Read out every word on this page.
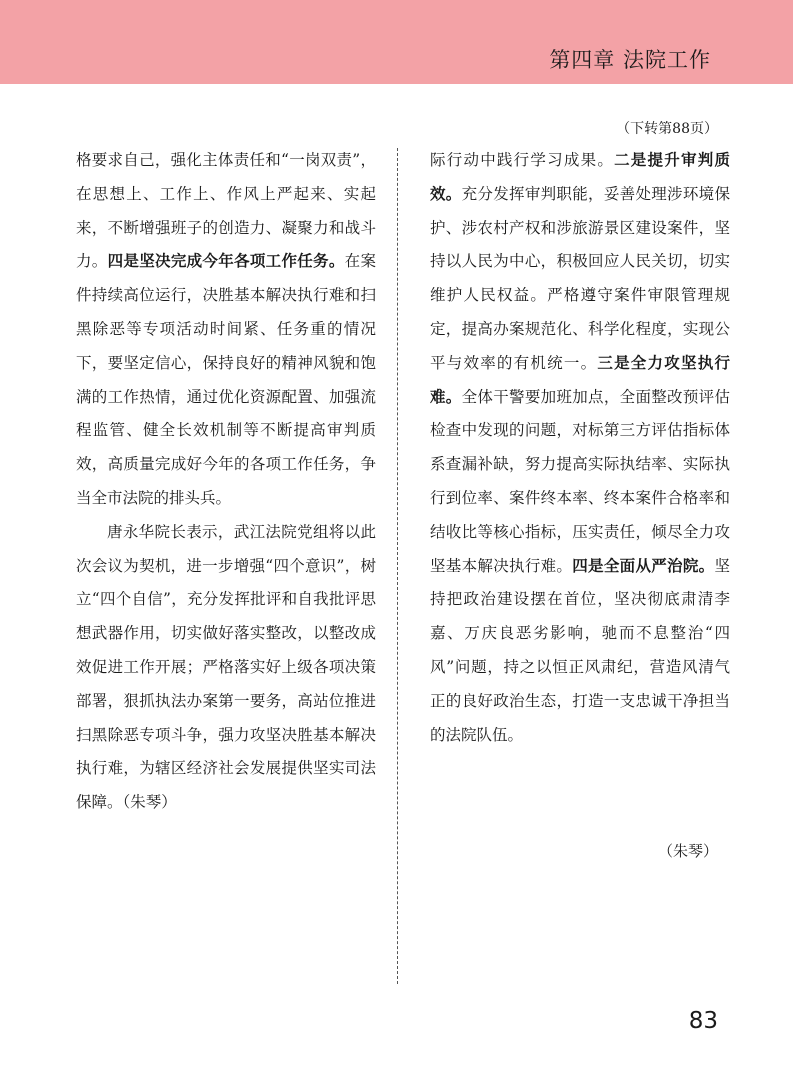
第四章 法院工作
（下转第88页）

格要求自己，强化主体责任和“一岗双责”，在思想上、工作上、作风上严起来、实起来，不断增强班子的创造力、凝聚力和战斗力。四是坚决完成今年各项工作任务。在案件持续高位运行，决胜基本解决执行难和扫黑除恶等专项活动时间紧、任务重的情况下，要坚定信心，保持良好的精神风貌和饱满的工作热情，通过优化资源配置、加强流程监管、健全长效机制等不断提高审判质效，高质量完成好今年的各项工作任务，争当全市法院的排头兵。

唐永华院长表示，武江法院党组将以此次会议为契机，进一步增强“四个意识”，树立“四个自信”，充分发挥批评和自我批评思想武器作用，切实做好落实整改，以整改成效促进工作开展；严格落实好上级各项决策部署，狠抓执法办案第一要务，高站位推进扫黑除恶专项斗争，强力攻坚决胜基本解决执行难，为辖区经济社会发展提供坚实司法保障。（朱琴）

际行动中践行学习成果。二是提升审判质效。充分发挥审判职能，妥善处理涉环境保护、涉农村产权和涉旅游景区建设案件，坚持以人民为中心，积极回应人民关切，切实维护人民权益。严格遵守案件审限管理规定，提高办案规范化、科学化程度，实现公平与效率的有机统一。三是全力攻坚执行难。全体干警要加班加点，全面整改预评估检查中发现的问题，对标第三方评估指标体系查漏补缺，努力提高实际执结率、实际执行到位率、案件终本率、终本案件合格率和结收比等核心指标，压实责任，倾尽全力攻坚基本解决执行难。四是全面从严治院。坚持把政治建设摆在首位，坚决彻底肃清李嘉、万庆良恶劣影响，驰而不息整治“四风”问题，持之以恒正风肃纪，营造风清气正的良好政治生态，打造一支忠诚干净担当的法院队伍。

（朱琴）
83
